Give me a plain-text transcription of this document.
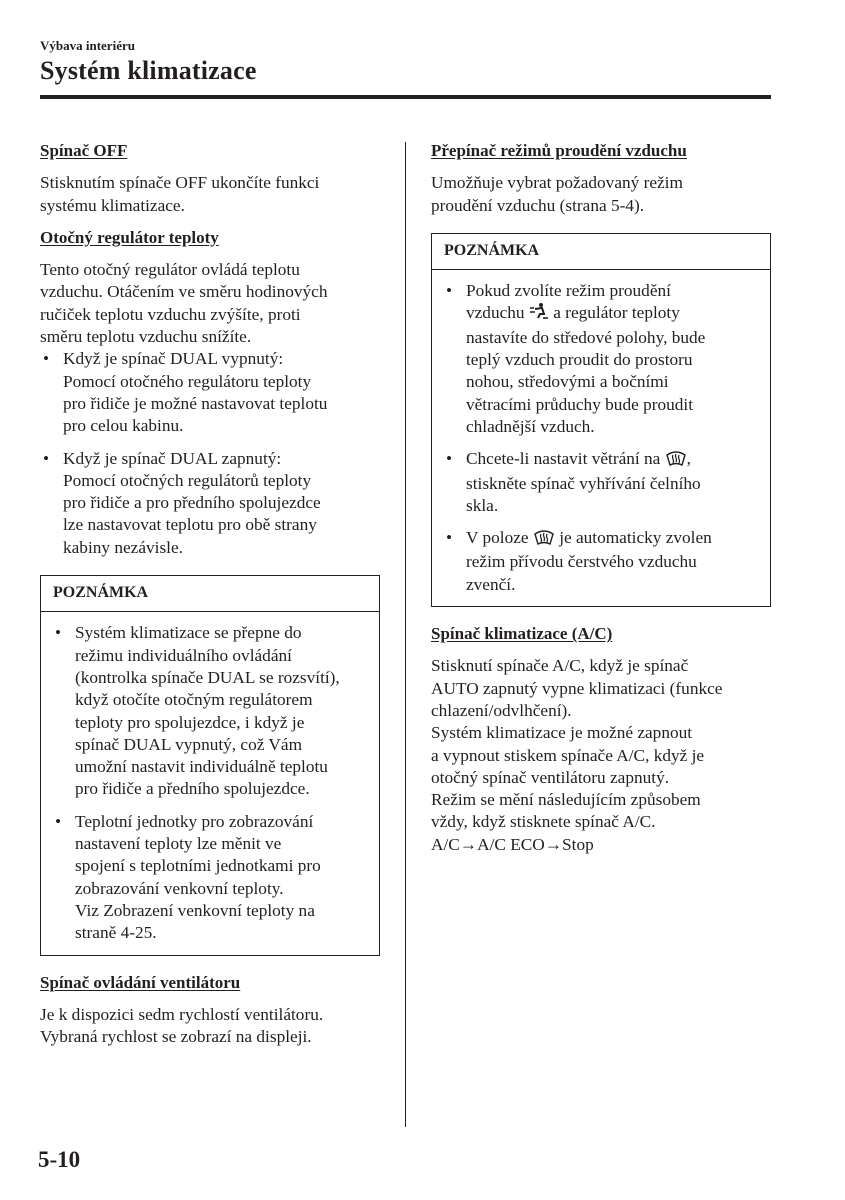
Výbava interiéru
Systém klimatizace
Spínač OFF

Stisknutím spínače OFF ukončíte funkci
systému klimatizace.

Otočný regulátor teploty

Tento otočný regulátor ovládá teplotu
vzduchu. Otáčením ve směru hodinových
ručiček teplotu vzduchu zvýšíte, proti
směru teplotu vzduchu snížíte.

• Když je spínač DUAL vypnutý:
Pomocí otočného regulátoru teploty
pro řidiče je možné nastavovat teplotu
pro celou kabinu.
• Když je spínač DUAL zapnutý:
Pomocí otočných regulátorů teploty
pro řidiče a pro předního spolujezdce
lze nastavovat teplotu pro obě strany
kabiny nezávisle.
POZNÁMKA
• Systém klimatizace se přepne do
režimu individuálního ovládání
(kontrolka spínače DUAL se rozsvítí),
když otočíte otočným regulátorem
teploty pro spolujezdce, i když je
spínač DUAL vypnutý, což Vám
umožní nastavit individuálně teplotu
pro řidiče a předního spolujezdce.
• Teplotní jednotky pro zobrazování
nastavení teploty lze měnit ve
spojení s teplotními jednotkami pro
zobrazování venkovní teploty.
Viz Zobrazení venkovní teploty na
straně 4-25.
Spínač ovládání ventilátoru

Je k dispozici sedm rychlostí ventilátoru.
Vybraná rychlost se zobrazí na displeji.

Přepínač režimů proudění vzduchu

Umožňuje vybrat požadovaný režim
proudění vzduchu (strana 5-4).

POZNÁMKA
• Pokud zvolíte režim proudění
vzduchu  a regulátor teploty
nastavíte do středové polohy, bude
teplý vzduch proudit do prostoru
nohou, středovými a bočními
větracími průduchy bude proudit
chladnější vzduch.
• Chcete-li nastavit větrání na ,
stiskněte spínač vyhřívání čelního
skla.
• V poloze  je automaticky zvolen
režim přívodu čerstvého vzduchu
zvenčí.
Spínač klimatizace (A/C)

Stisknutí spínače A/C, když je spínač
AUTO zapnutý vypne klimatizaci (funkce
chlazení/odvlhčení).
Systém klimatizace je možné zapnout
a vypnout stiskem spínače A/C, když je
otočný spínač ventilátoru zapnutý.
Režim se mění následujícím způsobem
vždy, když stisknete spínač A/C.
A/C→A/C ECO→Stop

5-10
